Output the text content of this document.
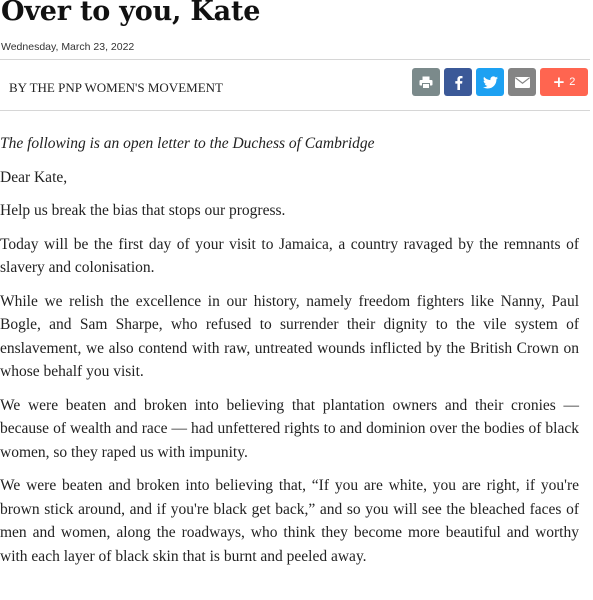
Over to you, Kate
Wednesday, March 23, 2022
BY THE PNP WOMEN'S MOVEMENT	+ 2

The following is an open letter to the Duchess of Cambridge

Dear Kate,

Help us break the bias that stops our progress.

Today will be the first day of your visit to Jamaica, a country ravaged by the remnants of slavery and colonisation.

While we relish the excellence in our history, namely freedom fighters like Nanny, Paul Bogle, and Sam Sharpe, who refused to surrender their dignity to the vile system of enslavement, we also contend with raw, untreated wounds inflicted by the British Crown on whose behalf you visit.

We were beaten and broken into believing that plantation owners and their cronies — because of wealth and race — had unfettered rights to and dominion over the bodies of black women, so they raped us with impunity.

We were beaten and broken into believing that, “If you are white, you are right, if you're brown stick around, and if you're black get back,” and so you will see the bleached faces of men and women, along the roadways, who think they become more beautiful and worthy with each layer of black skin that is burnt and peeled away.
